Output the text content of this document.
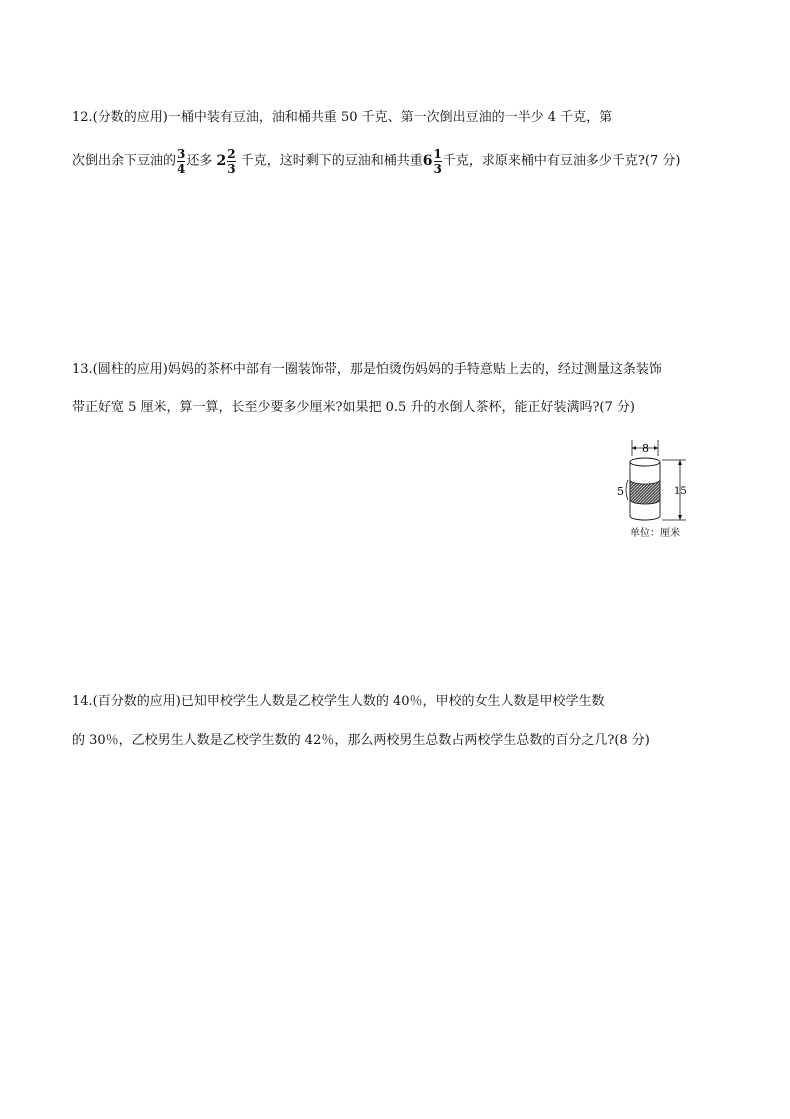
12.(分数的应用)一桶中装有豆油，油和桶共重 50 千克、第一次倒出豆油的一半少 4 千克，第
次倒出余下豆油的 $\frac{3}{4}$ 还多 $2 \frac{2}{3}$ 千克，这时剩下的豆油和桶共重$6 \frac{1}{3}$ 千克，求原来桶中有豆油多少千克?(7 分)
13.(圆柱的应用)妈妈的茶杯中部有一圈装饰带，那是怕烫伤妈妈的手特意贴上去的，经过测量这条装饰
带正好宽 5 厘米，算一算，长至少要多少厘米?如果把 0.5 升的水倒人茶杯，能正好装满吗?(7 分)
8
5	15
单位：厘米
14.(百分数的应用)已知甲校学生人数是乙校学生人数的 40％，甲校的女生人数是甲校学生数
的 30％，乙校男生人数是乙校学生数的 42％，那么两校男生总数占两校学生总数的百分之几?(8 分)
